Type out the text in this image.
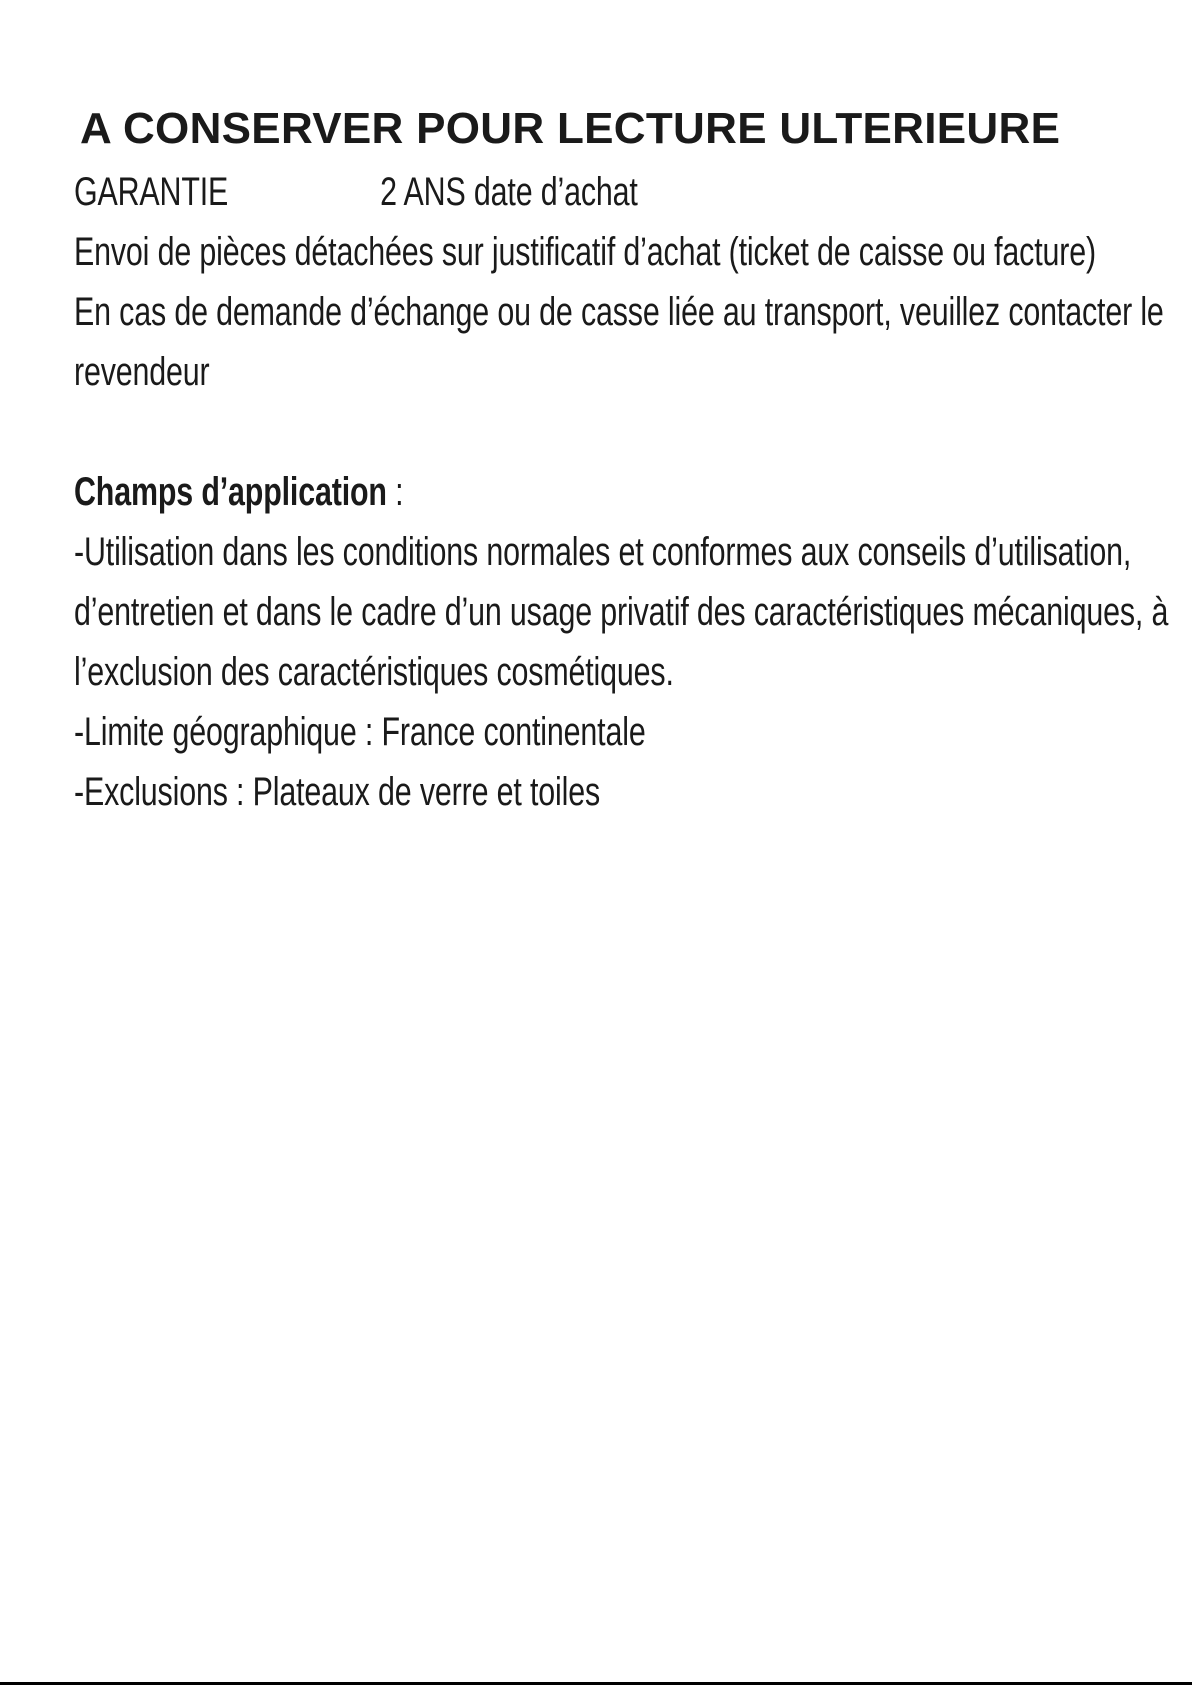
A CONSERVER POUR LECTURE ULTERIEURE

GARANTIE	2 ANS date d’achat

Envoi de pièces détachées sur justificatif d’achat (ticket de caisse ou facture)

En cas de demande d’échange ou de casse liée au transport, veuillez contacter le

revendeur

Champs d’application :

-Utilisation dans les conditions normales et conformes aux conseils d’utilisation,

d’entretien et dans le cadre d’un usage privatif des caractéristiques mécaniques, à

l’exclusion des caractéristiques cosmétiques.

-Limite géographique : France continentale

-Exclusions : Plateaux de verre et toiles
